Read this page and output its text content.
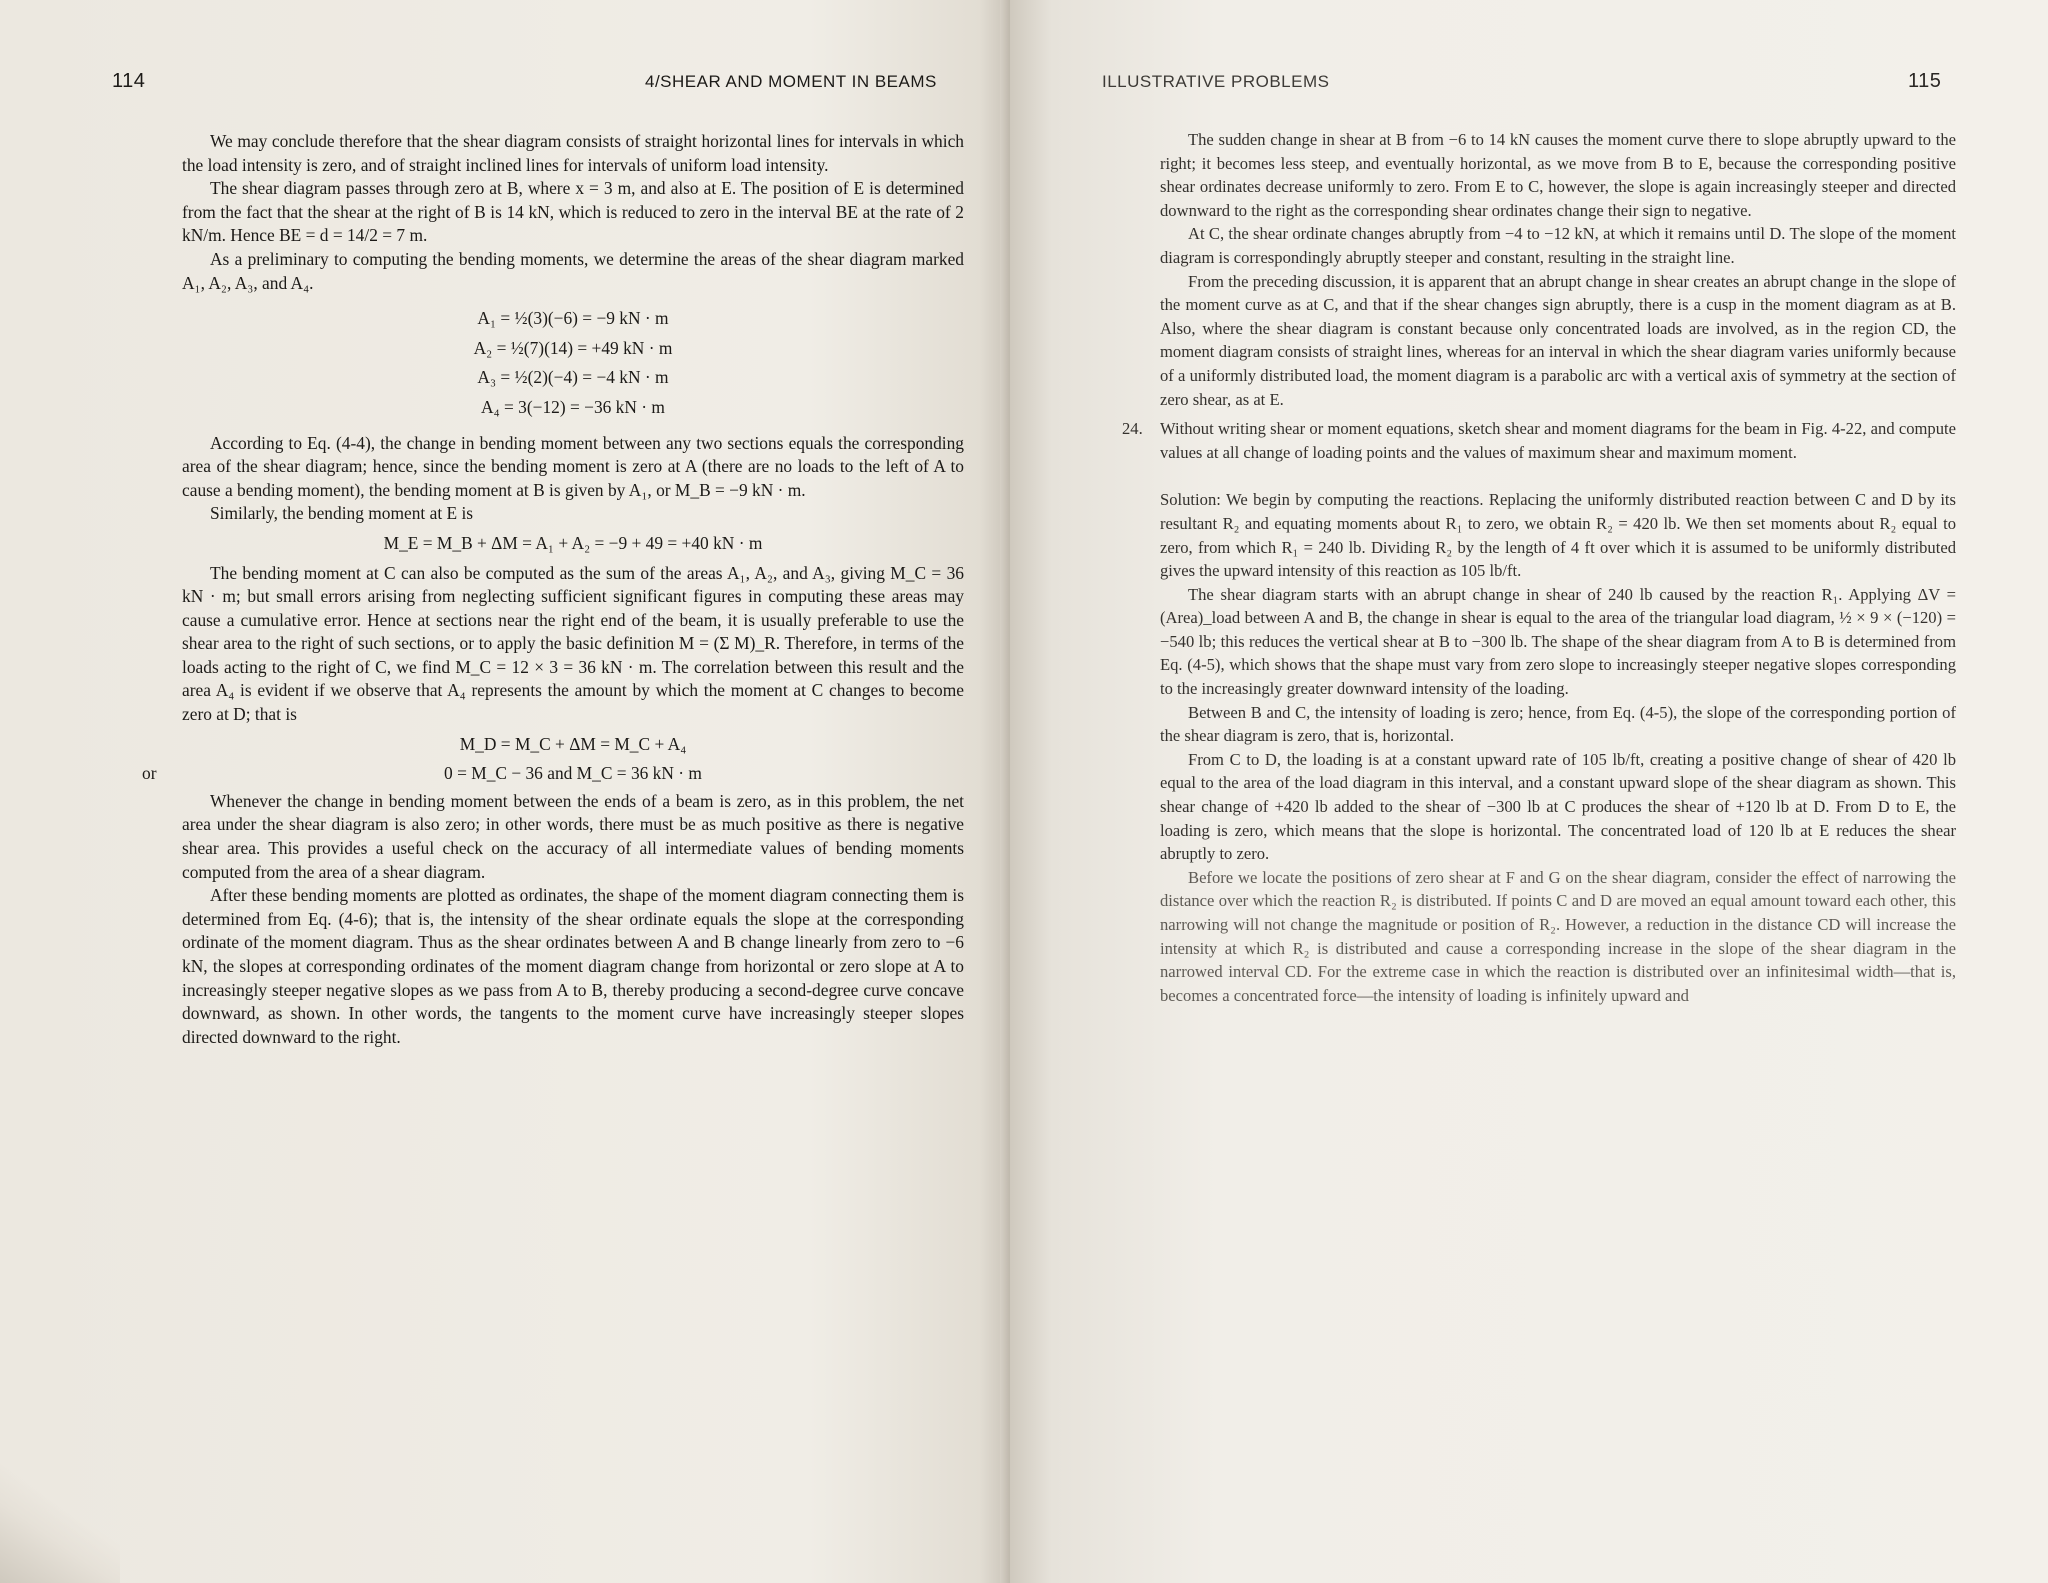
114	4/SHEAR AND MOMENT IN BEAMS

We may conclude therefore that the shear diagram consists of straight horizontal lines for intervals in which the load intensity is zero, and of straight inclined lines for intervals of uniform load intensity.

The shear diagram passes through zero at B, where x = 3 m, and also at E. The position of E is determined from the fact that the shear at the right of B is 14 kN, which is reduced to zero in the interval BE at the rate of 2 kN/m. Hence BE = d = 14/2 = 7 m.

As a preliminary to computing the bending moments, we determine the areas of the shear diagram marked A₁, A₂, A₃, and A₄.

A₁ = ½(3)(−6) = −9 kN · m
A₂ = ½(7)(14) = +49 kN · m
A₃ = ½(2)(−4) = −4 kN · m
A₄ = 3(−12) = −36 kN · m

According to Eq. (4-4), the change in bending moment between any two sections equals the corresponding area of the shear diagram; hence, since the bending moment is zero at A (there are no loads to the left of A to cause a bending moment), the bending moment at B is given by A₁, or M_B = −9 kN · m.

Similarly, the bending moment at E is

M_E = M_B + ΔM = A₁ + A₂ = −9 + 49 = +40 kN · m

The bending moment at C can also be computed as the sum of the areas A₁, A₂, and A₃, giving M_C = 36 kN · m; but small errors arising from neglecting sufficient significant figures in computing these areas may cause a cumulative error. Hence at sections near the right end of the beam, it is usually preferable to use the shear area to the right of such sections, or to apply the basic definition M = (Σ M)_R. Therefore, in terms of the loads acting to the right of C, we find M_C = 12 × 3 = 36 kN · m. The correlation between this result and the area A₄ is evident if we observe that A₄ represents the amount by which the moment at C changes to become zero at D; that is

M_D = M_C + ΔM = M_C + A₄
or	0 = M_C − 36 and M_C = 36 kN · m

Whenever the change in bending moment between the ends of a beam is zero, as in this problem, the net area under the shear diagram is also zero; in other words, there must be as much positive as there is negative shear area. This provides a useful check on the accuracy of all intermediate values of bending moments computed from the area of a shear diagram.

After these bending moments are plotted as ordinates, the shape of the moment diagram connecting them is determined from Eq. (4-6); that is, the intensity of the shear ordinate equals the slope at the corresponding ordinate of the moment diagram. Thus as the shear ordinates between A and B change linearly from zero to −6 kN, the slopes at corresponding ordinates of the moment diagram change from horizontal or zero slope at A to increasingly steeper negative slopes as we pass from A to B, thereby producing a second-degree curve concave downward, as shown. In other words, the tangents to the moment curve have increasingly steeper slopes directed downward to the right.

ILLUSTRATIVE PROBLEMS	115

The sudden change in shear at B from −6 to 14 kN causes the moment curve there to slope abruptly upward to the right; it becomes less steep, and eventually horizontal, as we move from B to E, because the corresponding positive shear ordinates decrease uniformly to zero. From E to C, however, the slope is again increasingly steeper and directed downward to the right as the corresponding shear ordinates change their sign to negative.

At C, the shear ordinate changes abruptly from −4 to −12 kN, at which it remains until D. The slope of the moment diagram is correspondingly abruptly steeper and constant, resulting in the straight line.

From the preceding discussion, it is apparent that an abrupt change in shear creates an abrupt change in the slope of the moment curve as at C, and that if the shear changes sign abruptly, there is a cusp in the moment diagram as at B. Also, where the shear diagram is constant because only concentrated loads are involved, as in the region CD, the moment diagram consists of straight lines, whereas for an interval in which the shear diagram varies uniformly because of a uniformly distributed load, the moment diagram is a parabolic arc with a vertical axis of symmetry at the section of zero shear, as at E.

24. Without writing shear or moment equations, sketch shear and moment diagrams for the beam in Fig. 4-22, and compute values at all change of loading points and the values of maximum shear and maximum moment.

Solution: We begin by computing the reactions. Replacing the uniformly distributed reaction between C and D by its resultant R₂ and equating moments about R₁ to zero, we obtain R₂ = 420 lb. We then set moments about R₂ equal to zero, from which R₁ = 240 lb. Dividing R₂ by the length of 4 ft over which it is assumed to be uniformly distributed gives the upward intensity of this reaction as 105 lb/ft.

The shear diagram starts with an abrupt change in shear of 240 lb caused by the reaction R₁. Applying ΔV = (Area)_load between A and B, the change in shear is equal to the area of the triangular load diagram, ½ × 9 × (−120) = −540 lb; this reduces the vertical shear at B to −300 lb. The shape of the shear diagram from A to B is determined from Eq. (4-5), which shows that the shape must vary from zero slope to increasingly steeper negative slopes corresponding to the increasingly greater downward intensity of the loading.

Between B and C, the intensity of loading is zero; hence, from Eq. (4-5), the slope of the corresponding portion of the shear diagram is zero, that is, horizontal.

From C to D, the loading is at a constant upward rate of 105 lb/ft, creating a positive change of shear of 420 lb equal to the area of the load diagram in this interval, and a constant upward slope of the shear diagram as shown. This shear change of +420 lb added to the shear of −300 lb at C produces the shear of +120 lb at D. From D to E, the loading is zero, which means that the slope is horizontal. The concentrated load of 120 lb at E reduces the shear abruptly to zero.

Before we locate the positions of zero shear at F and G on the shear diagram, consider the effect of narrowing the distance over which the reaction R₂ is distributed. If points C and D are moved an equal amount toward each other, this narrowing will not change the magnitude or position of R₂. However, a reduction in the distance CD will increase the intensity at which R₂ is distributed and cause a corresponding increase in the slope of the shear diagram in the narrowed interval CD. For the extreme case in which the reaction is distributed over an infinitesimal width—that is, becomes a concentrated force—the intensity of loading is infinitely upward and
